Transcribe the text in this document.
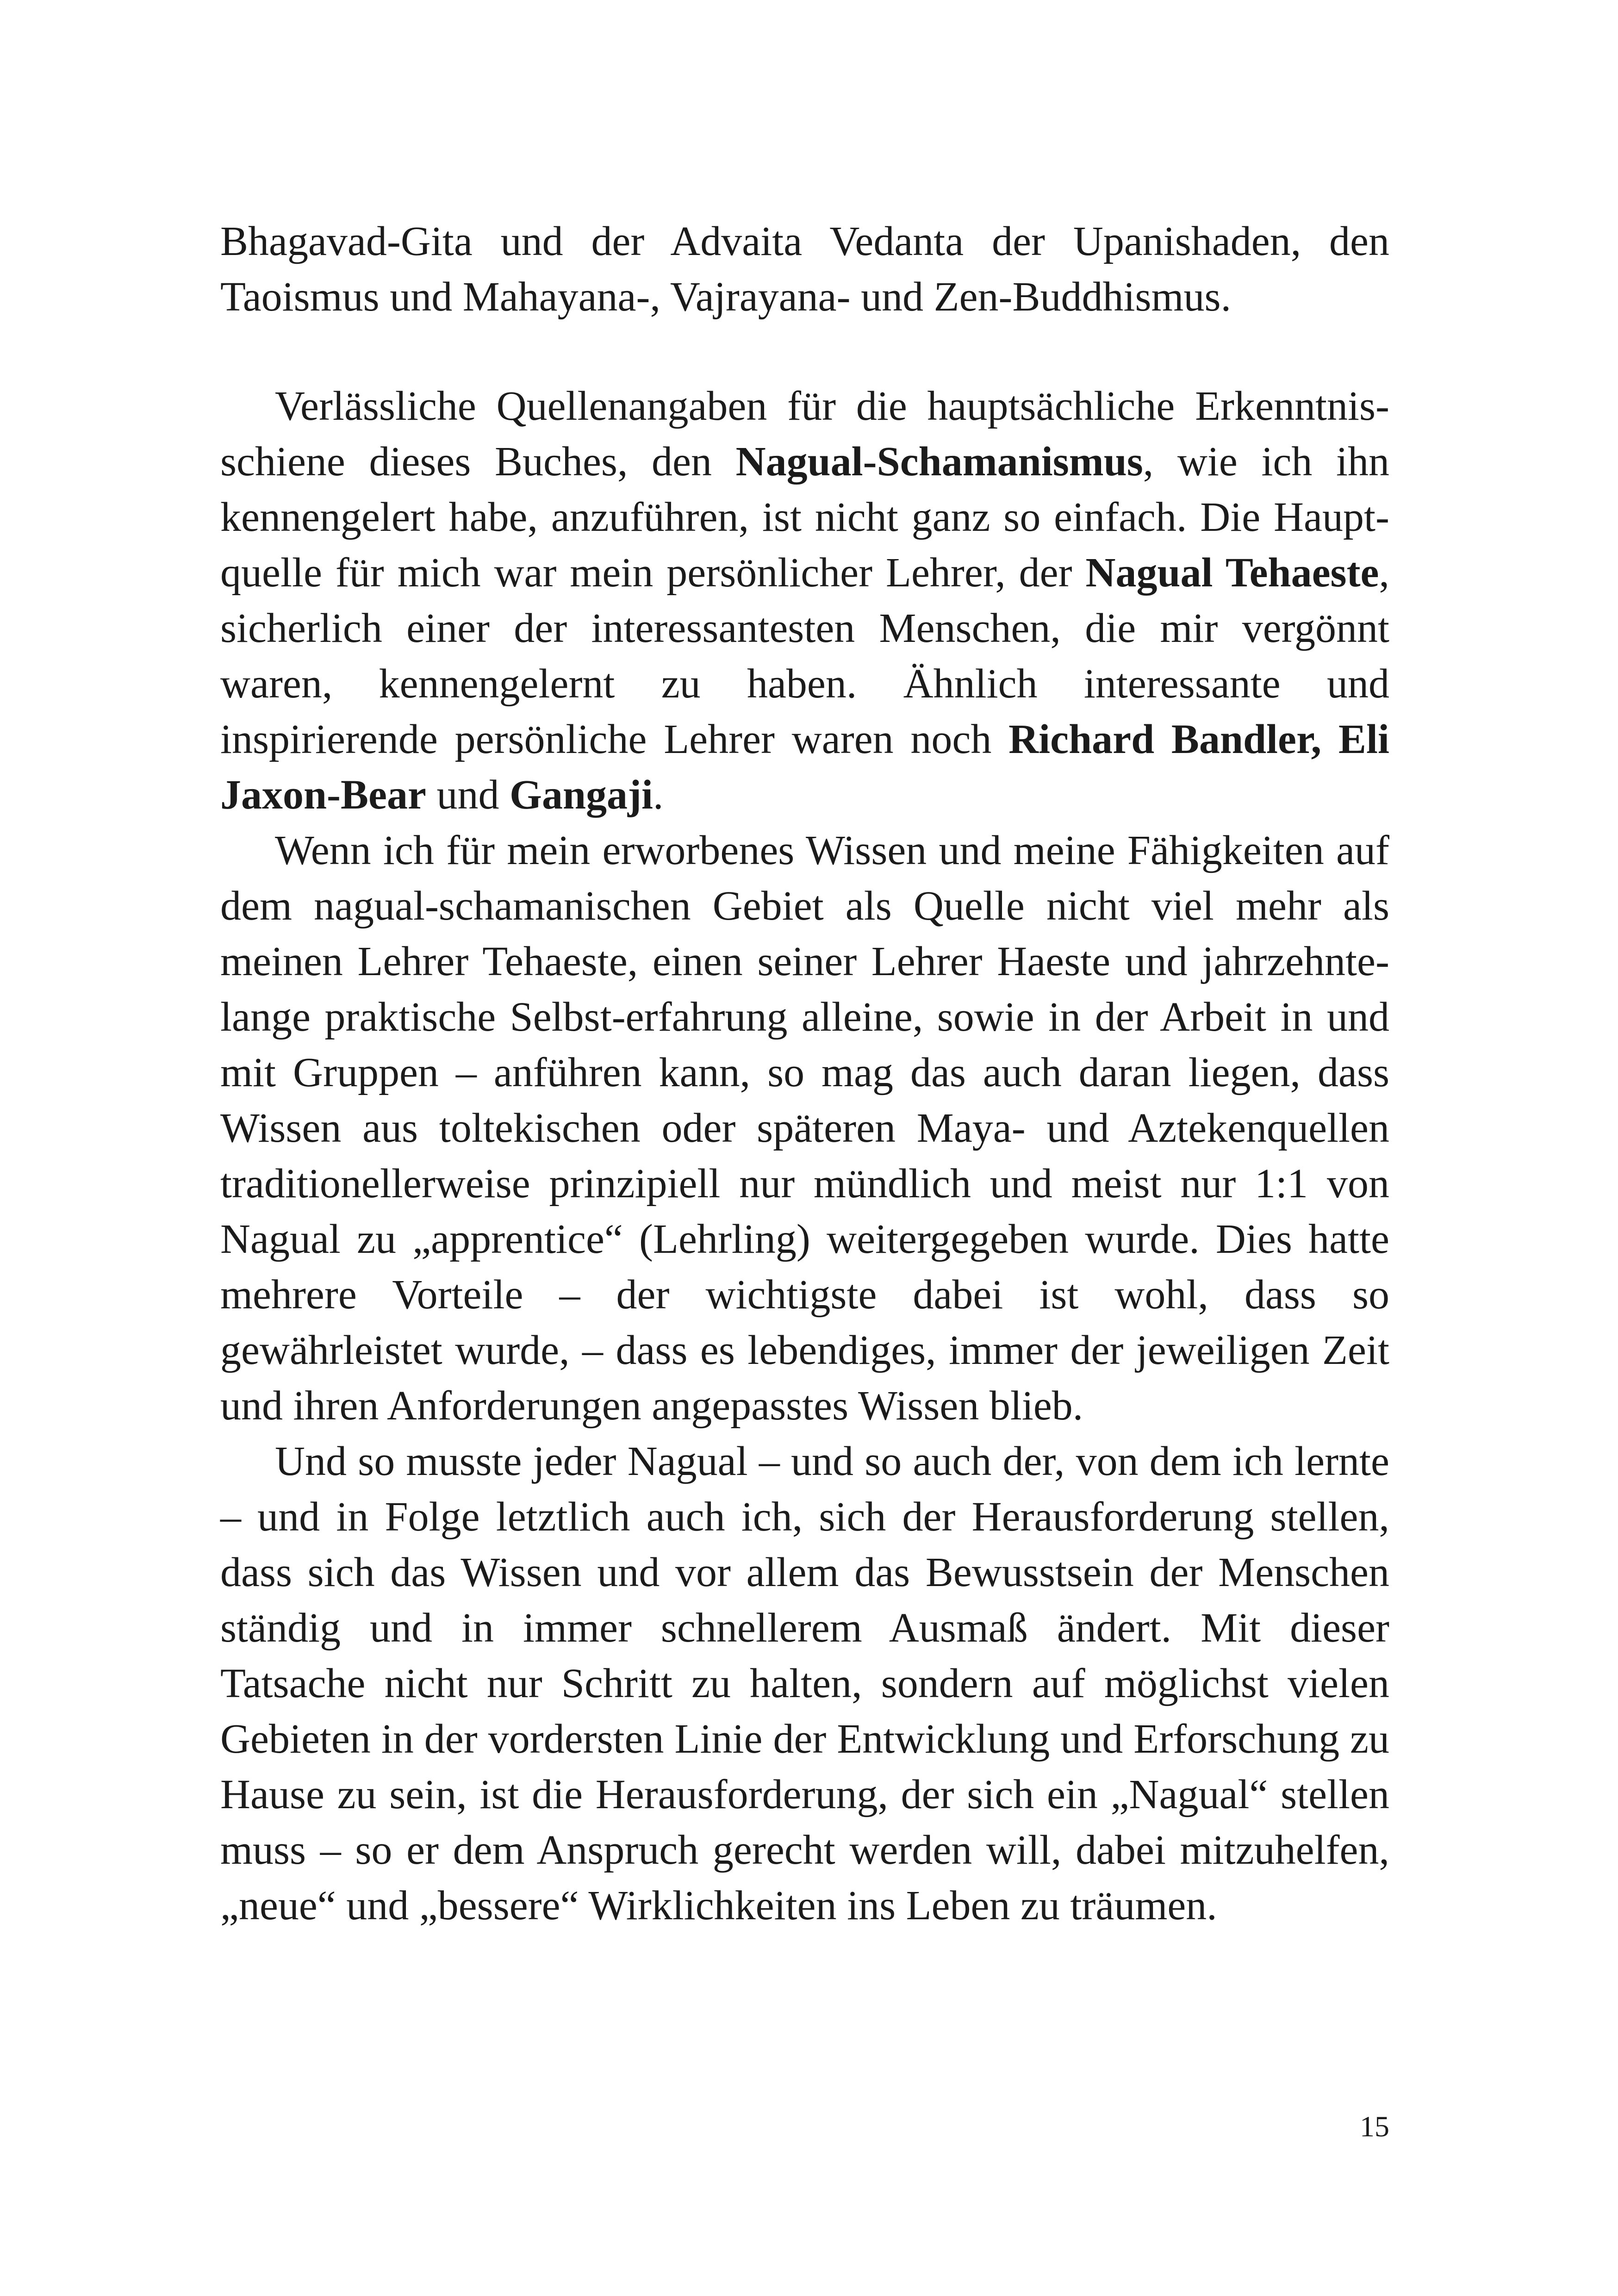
Bhagavad-Gita und der Advaita Vedanta der Upanishaden, den Taoismus und Mahayana-, Vajrayana- und Zen-Buddhismus.

Verlässliche Quellenangaben für die hauptsächliche Erkenntnisschiene dieses Buches, den Nagual-Schamanismus, wie ich ihn kennengelert habe, anzuführen, ist nicht ganz so einfach. Die Hauptquelle für mich war mein persönlicher Lehrer, der Nagual Tehaeste, sicherlich einer der interessantesten Menschen, die mir vergönnt waren, kennengelernt zu haben. Ähnlich interessante und inspirierende persönliche Lehrer waren noch Richard Bandler, Eli Jaxon-Bear und Gangaji.

Wenn ich für mein erworbenes Wissen und meine Fähigkeiten auf dem nagual-schamanischen Gebiet als Quelle nicht viel mehr als meinen Lehrer Tehaeste, einen seiner Lehrer Haeste und jahrzehntelange praktische Selbst-erfahrung alleine, sowie in der Arbeit in und mit Gruppen – anführen kann, so mag das auch daran liegen, dass Wissen aus toltekischen oder späteren Maya- und Aztekenquellen traditionellerweise prinzipiell nur mündlich und meist nur 1:1 von Nagual zu „apprentice“ (Lehrling) weitergegeben wurde. Dies hatte mehrere Vorteile – der wichtigste dabei ist wohl, dass so gewährleistet wurde, – dass es lebendiges, immer der jeweiligen Zeit und ihren Anforderungen angepasstes Wissen blieb.

Und so musste jeder Nagual – und so auch der, von dem ich lernte – und in Folge letztlich auch ich, sich der Herausforderung stellen, dass sich das Wissen und vor allem das Bewusstsein der Menschen ständig und in immer schnellerem Ausmaß ändert. Mit dieser Tatsache nicht nur Schritt zu halten, sondern auf möglichst vielen Gebieten in der vordersten Linie der Entwicklung und Erforschung zu Hause zu sein, ist die Herausforderung, der sich ein „Nagual“ stellen muss – so er dem Anspruch gerecht werden will, dabei mitzuhelfen, „neue“ und „bessere“ Wirklichkeiten ins Leben zu träumen.

15
